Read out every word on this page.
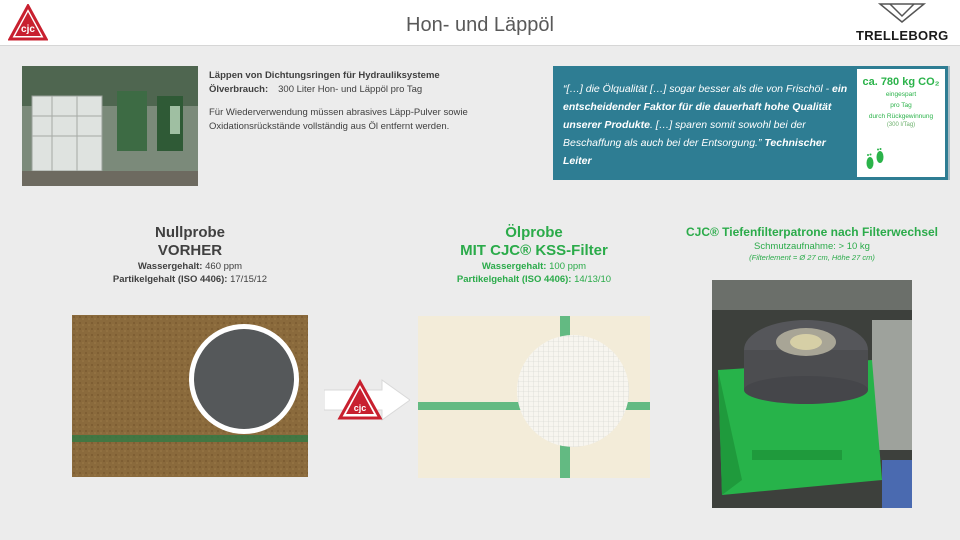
cjc	Hon- und Läppöl	TRELLEBORG
Läppen von Dichtungsringen für Hydrauliksysteme
Ölverbrauch: 300 Liter Hon- und Läppöl pro Tag
Für Wiederverwendung müssen abrasives Läpp-Pulver sowie Oxidationsrückstände vollständig aus Öl entfernt werden.
“[…] die Ölqualität […] sogar besser als die von Frischöl - ein entscheidender Faktor für die dauerhaft hohe Qualität unserer Produkte. […] sparen somit sowohl bei der Beschaffung als auch bei der Entsorgung.” Technischer Leiter
ca. 780 kg CO₂
eingespart
pro Tag
durch Rückgewinnung
(300 l/Tag)
Nullprobe
VORHER
Wassergehalt: 460 ppm
Partikelgehalt (ISO 4406): 17/15/12
Ölprobe
MIT CJC® KSS-Filter
Wassergehalt: 100 ppm
Partikelgehalt (ISO 4406): 14/13/10
CJC® Tiefenfilterpatrone nach Filterwechsel
Schmutzaufnahme: > 10 kg
(Filterlement = Ø 27 cm, Höhe 27 cm)
cjc
